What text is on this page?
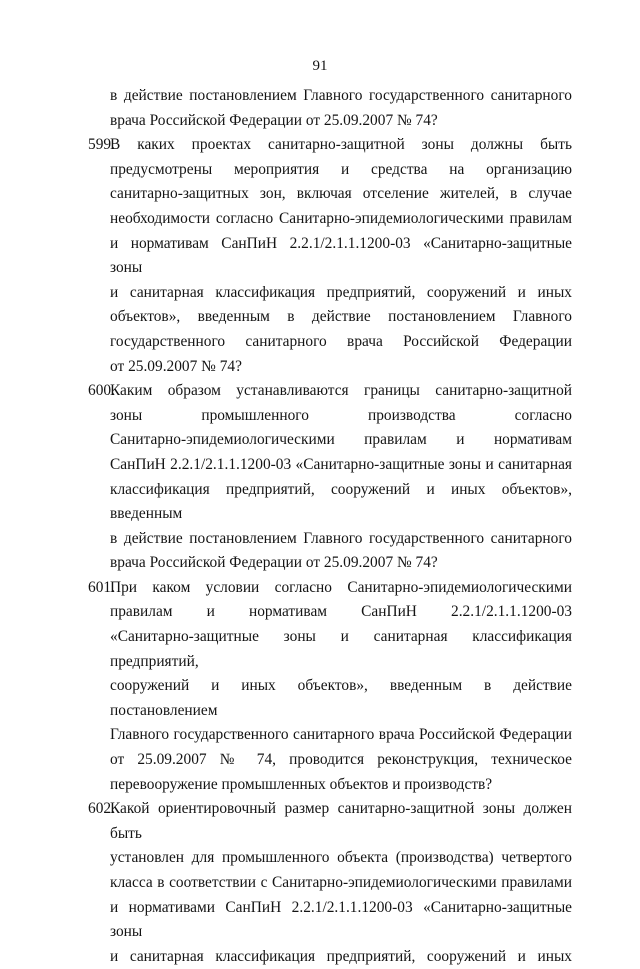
91
в действие постановлением Главного государственного санитарного
врача Российской Федерации от 25.09.2007 № 74?
599.
В каких проектах санитарно-защитной зоны должны быть
предусмотрены мероприятия и средства на организацию
санитарно-защитных зон, включая отселение жителей, в случае
необходимости согласно Санитарно-эпидемиологическими правилам
и нормативам СанПиН 2.2.1/2.1.1.1200-03 «Санитарно-защитные зоны
и санитарная классификация предприятий, сооружений и иных
объектов», введенным в действие постановлением Главного
государственного санитарного врача Российской Федерации
от 25.09.2007 № 74?
600.
Каким образом устанавливаются границы санитарно-защитной
зоны промышленного производства согласно
Санитарно-эпидемиологическими правилам и нормативам
СанПиН 2.2.1/2.1.1.1200-03 «Санитарно-защитные зоны и санитарная
классификация предприятий, сооружений и иных объектов», введенным
в действие постановлением Главного государственного санитарного
врача Российской Федерации от 25.09.2007 № 74?
601.
При каком условии согласно Санитарно-эпидемиологическими
правилам и нормативам СанПиН 2.2.1/2.1.1.1200-03
«Санитарно-защитные зоны и санитарная классификация предприятий,
сооружений и иных объектов», введенным в действие постановлением
Главного государственного санитарного врача Российской Федерации
от 25.09.2007 № 74, проводится реконструкция, техническое
перевооружение промышленных объектов и производств?
602.
Какой ориентировочный размер санитарно-защитной зоны должен быть
установлен для промышленного объекта (производства) четвертого
класса в соответствии с Санитарно-эпидемиологическими правилами
и нормативами СанПиН 2.2.1/2.1.1.1200-03 «Санитарно-защитные зоны
и санитарная классификация предприятий, сооружений и иных
